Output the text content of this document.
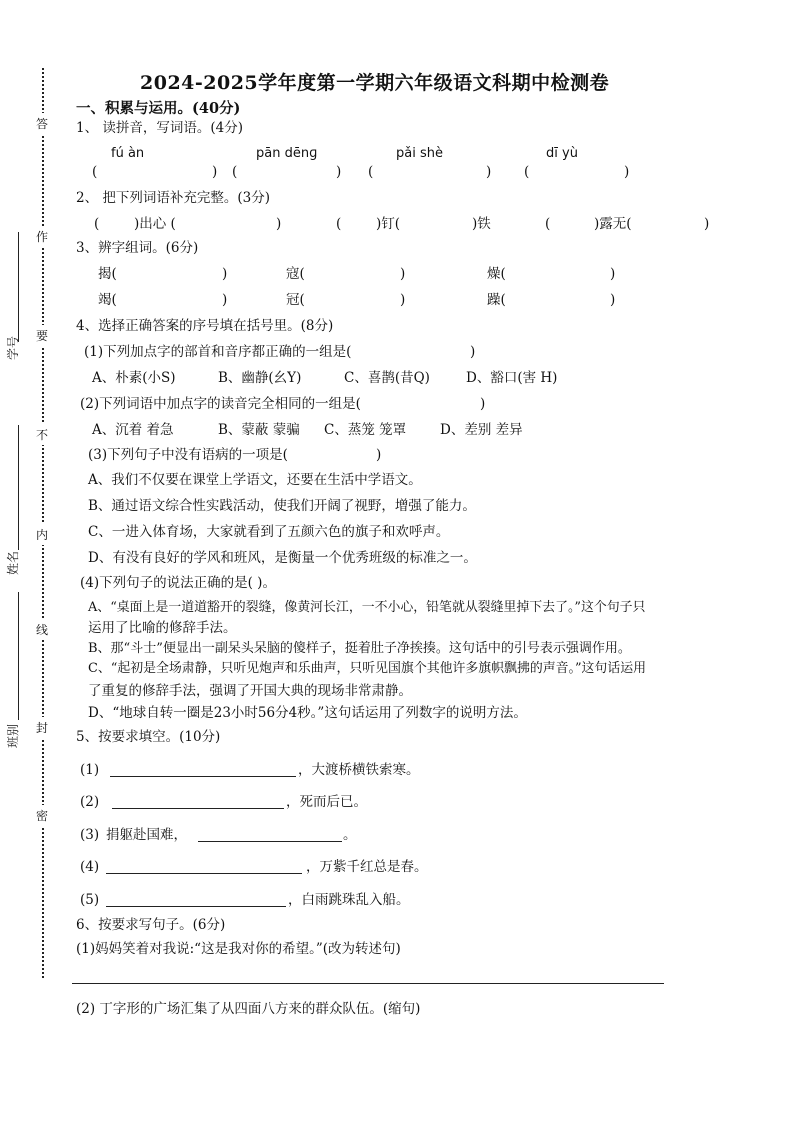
答
作
要
不
内
线
封
密
学号
姓名
班别
2024-2025学年度第一学期六年级语文科期中检测卷
一、积累与运用。(40分)
1、 读拼音，写词语。(4分)
fú àn	pān dēnɡ	pǎi shè	dī yù
(	) (	) (	) (	)
2、 把下列词语补充完整。(3分)
(	)出心 (	)	(	)钉(	)铁	(	)露无(	)
3、辨字组词。(6分)
揭(	)	寇(	)	燥(	)
竭(	)	冠(	)	躁(	)
4、选择正确答案的序号填在括号里。(8分)
(1)下列加点字的部首和音序都正确的一组是(	)
A、朴素(小S)	B、幽静(幺Y)	C、喜鹊(昔Q)	D、豁口(害 H)
(2)下列词语中加点字的读音完全相同的一组是(	)
A、沉着 着急	B、蒙蔽 蒙骗 C、蒸笼 笼罩	D、差别 差异
(3)下列句子中没有语病的一项是(	)
A、我们不仅要在课堂上学语文，还要在生活中学语文。
B、通过语文综合性实践活动，使我们开阔了视野，增强了能力。
C、一进入体育场，大家就看到了五颜六色的旗子和欢呼声。
D、有没有良好的学风和班风，是衡量一个优秀班级的标准之一。
(4)下列句子的说法正确的是( )。
A、“桌面上是一道道豁开的裂缝，像黄河长江，一不小心，铅笔就从裂缝里掉下去了。”这个句子只
运用了比喻的修辞手法。
B、那“斗士”便显出一副呆头呆脑的傻样子，挺着肚子净挨揍。这句话中的引号表示强调作用。
C、“起初是全场肃静，只听见炮声和乐曲声，只听见国旗个其他许多旗帜飘拂的声音。”这句话运用
了重复的修辞手法，强调了开国大典的现场非常肃静。
D、“地球自转一圈是23小时56分4秒。”这句话运用了列数字的说明方法。
5、按要求填空。(10分)
(1)	，大渡桥横铁索寒。
(2)	，死而后已。
(3) 捐躯赴国难，	。
(4)	，万紫千红总是春。
(5)	，白雨跳珠乱入船。
6、按要求写句子。(6分)
(1)妈妈笑着对我说:“这是我对你的希望。”(改为转述句)
(2) 丁字形的广场汇集了从四面八方来的群众队伍。(缩句)
